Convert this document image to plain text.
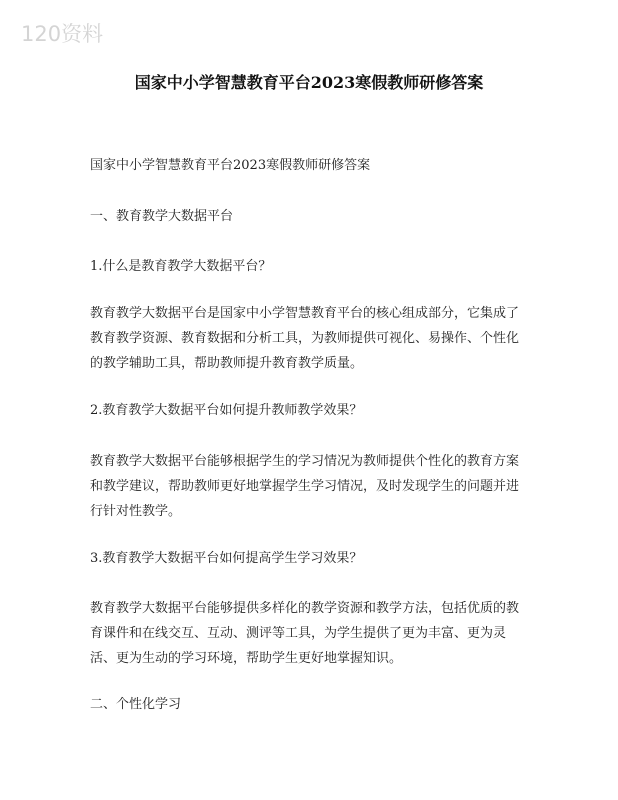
120资料
国家中小学智慧教育平台2023寒假教师研修答案

国家中小学智慧教育平台2023寒假教师研修答案

一、教育教学大数据平台

1.什么是教育教学大数据平台？

教育教学大数据平台是国家中小学智慧教育平台的核心组成部分，它集成了教育教学资源、教育数据和分析工具，为教师提供可视化、易操作、个性化的教学辅助工具，帮助教师提升教育教学质量。

2.教育教学大数据平台如何提升教师教学效果？

教育教学大数据平台能够根据学生的学习情况为教师提供个性化的教育方案和教学建议，帮助教师更好地掌握学生学习情况，及时发现学生的问题并进行针对性教学。

3.教育教学大数据平台如何提高学生学习效果？

教育教学大数据平台能够提供多样化的教学资源和教学方法，包括优质的教育课件和在线交互、互动、测评等工具，为学生提供了更为丰富、更为灵活、更为生动的学习环境，帮助学生更好地掌握知识。

二、个性化学习
